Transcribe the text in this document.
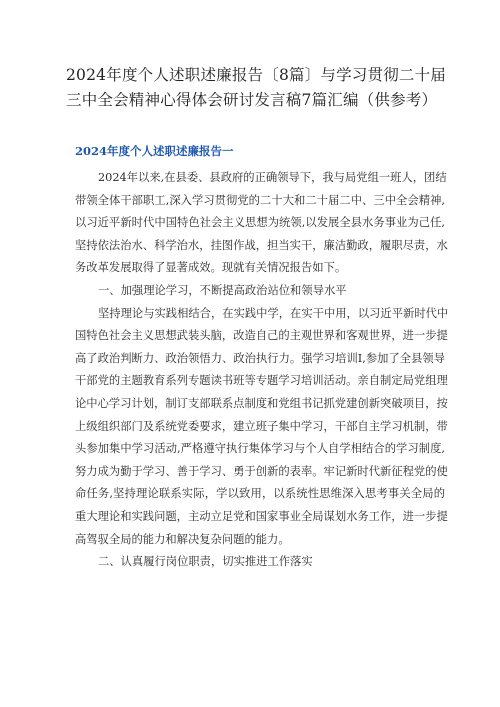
2024年度个人述职述廉报告〔8篇〕与学习贯彻二十届
三中全会精神心得体会研讨发言稿7篇汇编（供参考）
2024年度个人述职述廉报告一
2024年以来,在县委、县政府的正确领导下，我与局党组一班人，团结
带领全体干部职工,深入学习贯彻党的二十大和二十届二中、三中全会精神,
以习近平新时代中国特色社会主义思想为统领,以发展全县水务事业为己任,
坚持依法治水、科学治水，挂图作战，担当实干，廉洁勤政，履职尽责，水
务改革发展取得了显著成效。现就有关情况报告如下。
一、加强理论学习，不断提高政治站位和领导水平
坚持理论与实践相结合，在实践中学，在实干中用，以习近平新时代中
国特色社会主义思想武装头脑，改造自己的主观世界和客观世界，进一步提
高了政治判断力、政治领悟力、政治执行力。强学习培训I,参加了全县领导
干部党的主题教育系列专题读书班等专题学习培训活动。亲自制定局党组理
论中心学习计划，制订支部联系点制度和党组书记抓党建创新突破项目，按
上级组织部门及系统党委要求，建立班子集中学习，干部自主学习机制，带
头参加集中学习活动,严格遵守执行集体学习与个人自学相结合的学习制度,
努力成为勤于学习、善于学习、勇于创新的表率。牢记新时代新征程党的使
命任务,坚持理论联系实际，学以致用，以系统性思维深入思考事关全局的
重大理论和实践问题，主动立足党和国家事业全局谋划水务工作，进一步提
高驾驭全局的能力和解决复杂问题的能力。
二、认真履行岗位职责，切实推进工作落实
